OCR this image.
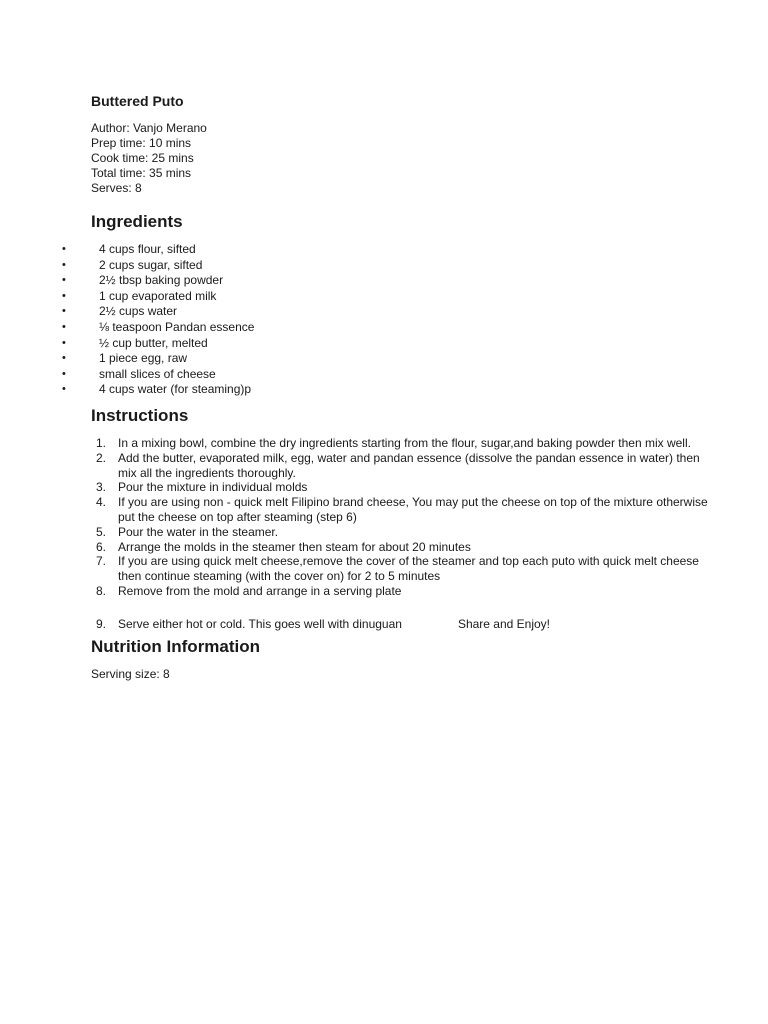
Buttered Puto

Author: Vanjo Merano

Prep time: 10 mins

Cook time: 25 mins

Total time: 35 mins

Serves: 8

Ingredients
•	4 cups flour, sifted
•	2 cups sugar, sifted
•	2½ tbsp baking powder
•	1 cup evaporated milk
•	2½ cups water
•	⅛ teaspoon Pandan essence
•	½ cup butter, melted
•	1 piece egg, raw
•	small slices of cheese
•	4 cups water (for steaming)p
Instructions
1. In a mixing bowl, combine the dry ingredients starting from the flour, sugar,and baking powder then mix well.
2. Add the butter, evaporated milk, egg, water and pandan essence (dissolve the pandan essence in water) then mix all the ingredients thoroughly.
3. Pour the mixture in individual molds
4. If you are using non - quick melt Filipino brand cheese, You may put the cheese on top of the mixture otherwise put the cheese on top after steaming (step 6)
5. Pour the water in the steamer.
6. Arrange the molds in the steamer then steam for about 20 minutes
7. If you are using quick melt cheese,remove the cover of the steamer and top each puto with quick melt cheese then continue steaming (with the cover on) for 2 to 5 minutes
8. Remove from the mold and arrange in a serving plate
9. Serve either hot or cold. This goes well with dinuguan	Share and Enjoy!
Nutrition Information

Serving size: 8
